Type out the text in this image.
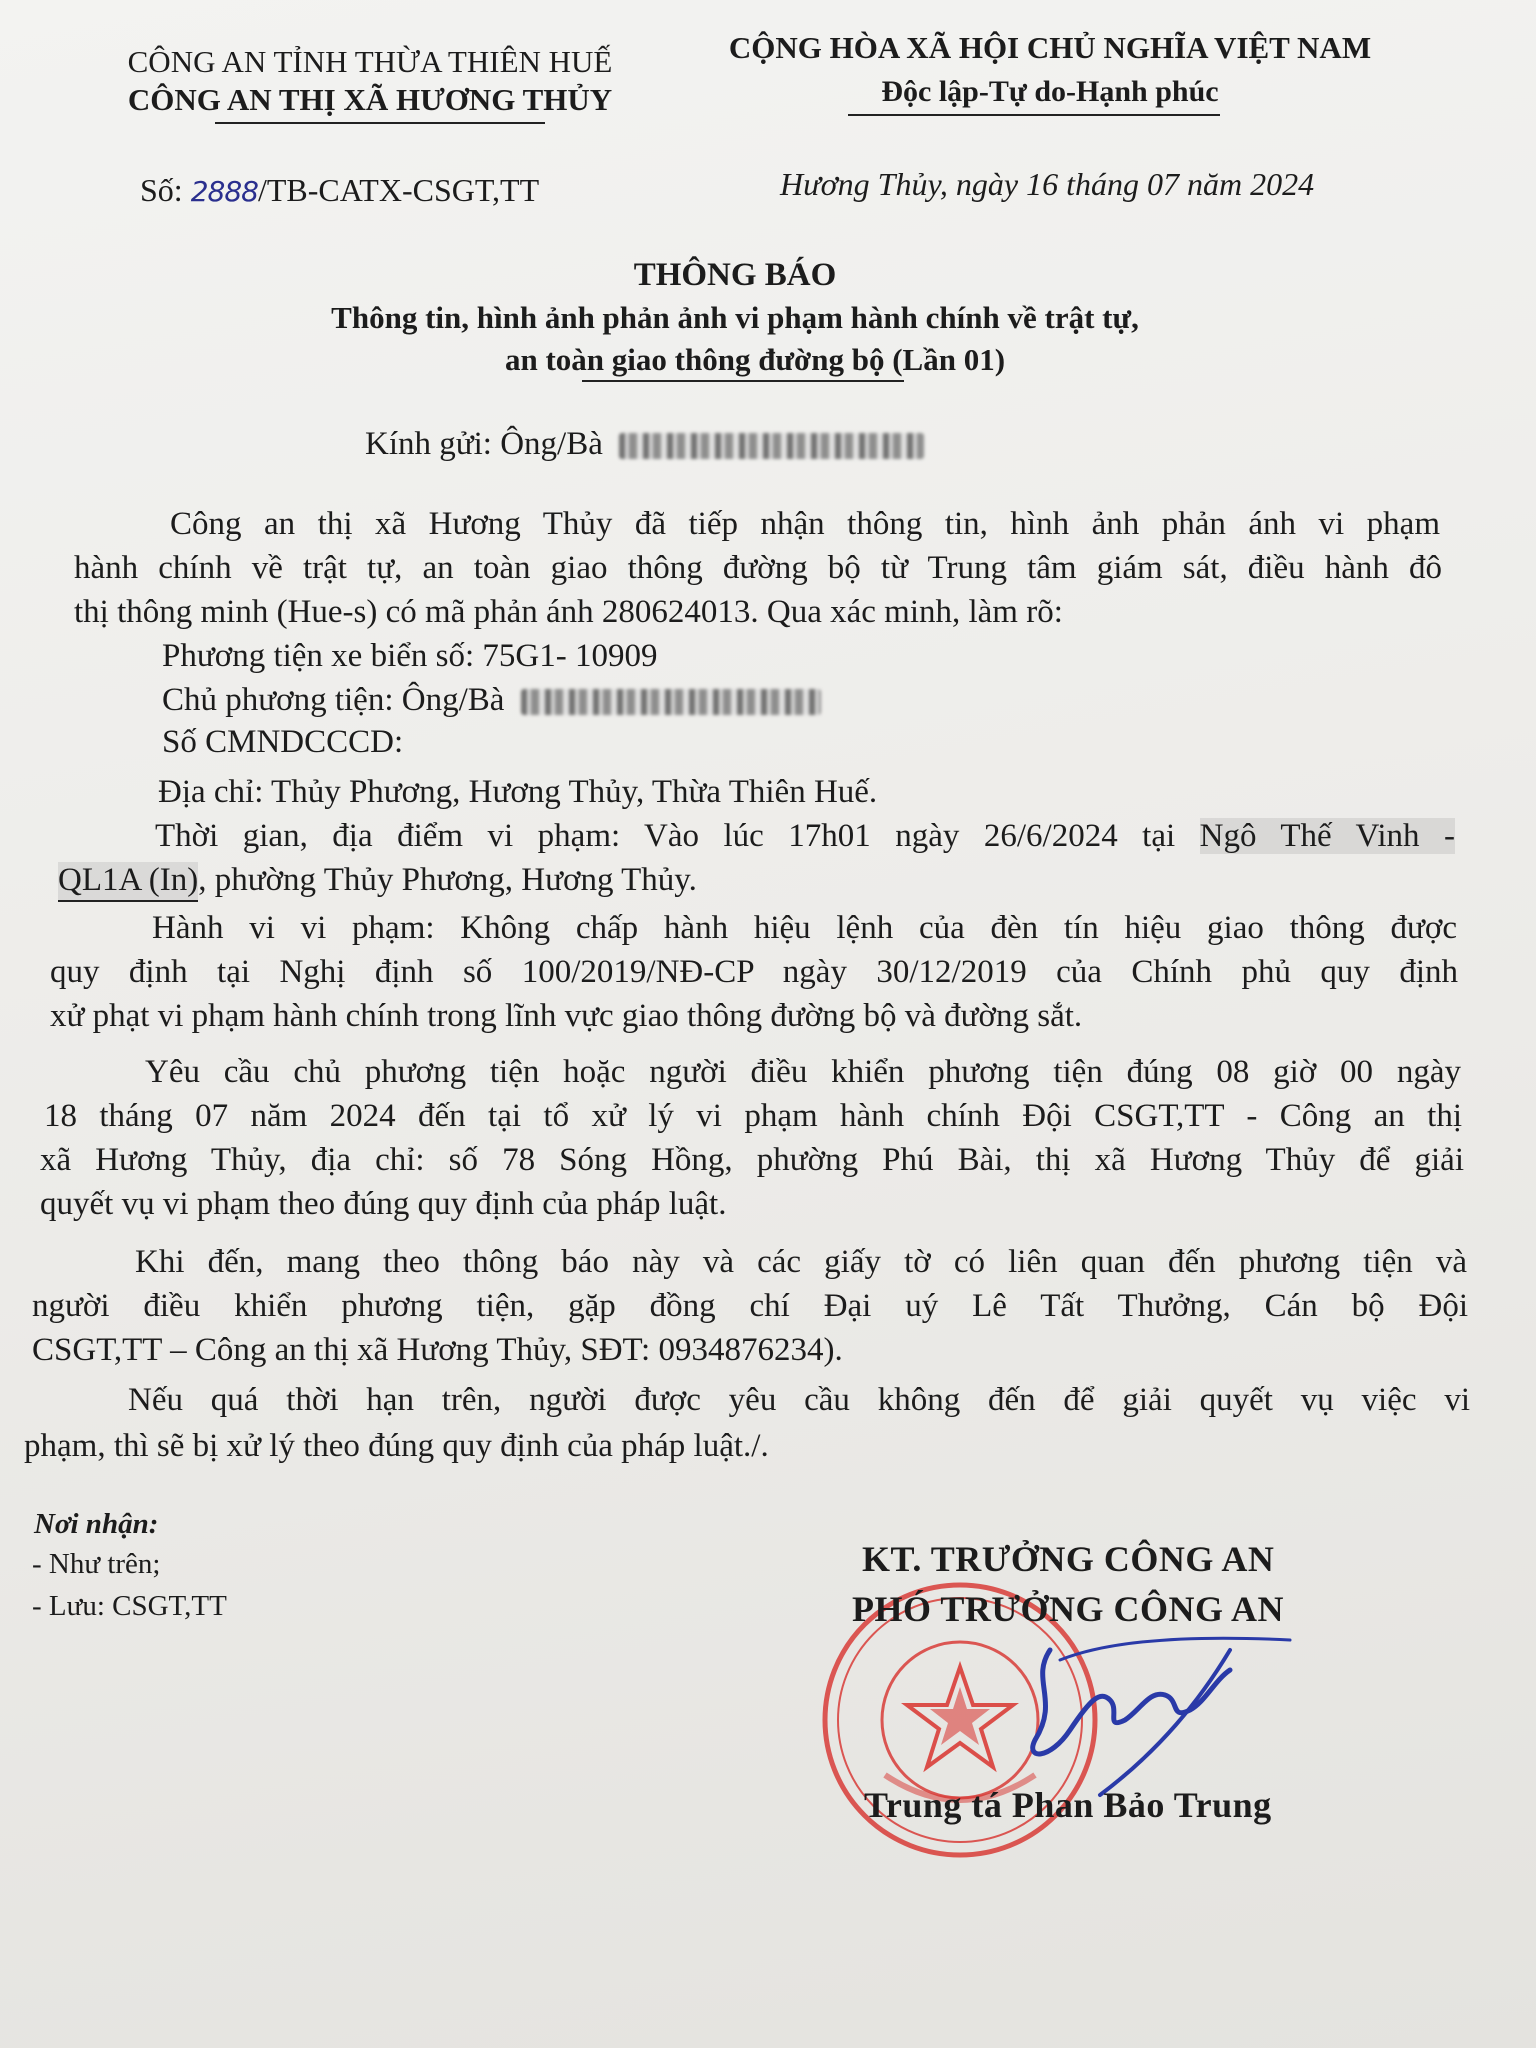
CÔNG AN TỈNH THỪA THIÊN HUẾ
CÔNG AN THỊ XÃ HƯƠNG THỦY
CỘNG HÒA XÃ HỘI CHỦ NGHĨA VIỆT NAM
Độc lập-Tự do-Hạnh phúc
Số: 2888/TB-CATX-CSGT,TT	Hương Thủy, ngày 16 tháng 07 năm 2024
THÔNG BÁO
Thông tin, hình ảnh phản ảnh vi phạm hành chính về trật tự,
an toàn giao thông đường bộ (Lần 01)
Kính gửi: Ông/Bà
Công an thị xã Hương Thủy đã tiếp nhận thông tin, hình ảnh phản ánh vi phạm
hành chính về trật tự, an toàn giao thông đường bộ từ Trung tâm giám sát, điều hành đô
thị thông minh (Hue-s) có mã phản ánh 280624013. Qua xác minh, làm rõ:
Phương tiện xe biển số: 75G1- 10909
Chủ phương tiện: Ông/Bà
Số CMNDCCCD:
Địa chỉ: Thủy Phương, Hương Thủy, Thừa Thiên Huế.
Thời gian, địa điểm vi phạm: Vào lúc 17h01 ngày 26/6/2024 tại Ngô Thế Vinh -
QL1A (In), phường Thủy Phương, Hương Thủy.
Hành vi vi phạm: Không chấp hành hiệu lệnh của đèn tín hiệu giao thông được
quy định tại Nghị định số 100/2019/NĐ-CP ngày 30/12/2019 của Chính phủ quy định
xử phạt vi phạm hành chính trong lĩnh vực giao thông đường bộ và đường sắt.
Yêu cầu chủ phương tiện hoặc người điều khiển phương tiện đúng 08 giờ 00 ngày
18 tháng 07 năm 2024 đến tại tổ xử lý vi phạm hành chính Đội CSGT,TT - Công an thị
xã Hương Thủy, địa chỉ: số 78 Sóng Hồng, phường Phú Bài, thị xã Hương Thủy để giải
quyết vụ vi phạm theo đúng quy định của pháp luật.
Khi đến, mang theo thông báo này và các giấy tờ có liên quan đến phương tiện và
người điều khiển phương tiện, gặp đồng chí Đại uý Lê Tất Thưởng, Cán bộ Đội
CSGT,TT – Công an thị xã Hương Thủy, SĐT: 0934876234).
Nếu quá thời hạn trên, người được yêu cầu không đến để giải quyết vụ việc vi
phạm, thì sẽ bị xử lý theo đúng quy định của pháp luật./.
Nơi nhận:
- Như trên;
- Lưu: CSGT,TT
KT. TRƯỞNG CÔNG AN
PHÓ TRƯỞNG CÔNG AN
Trung tá Phan Bảo Trung
